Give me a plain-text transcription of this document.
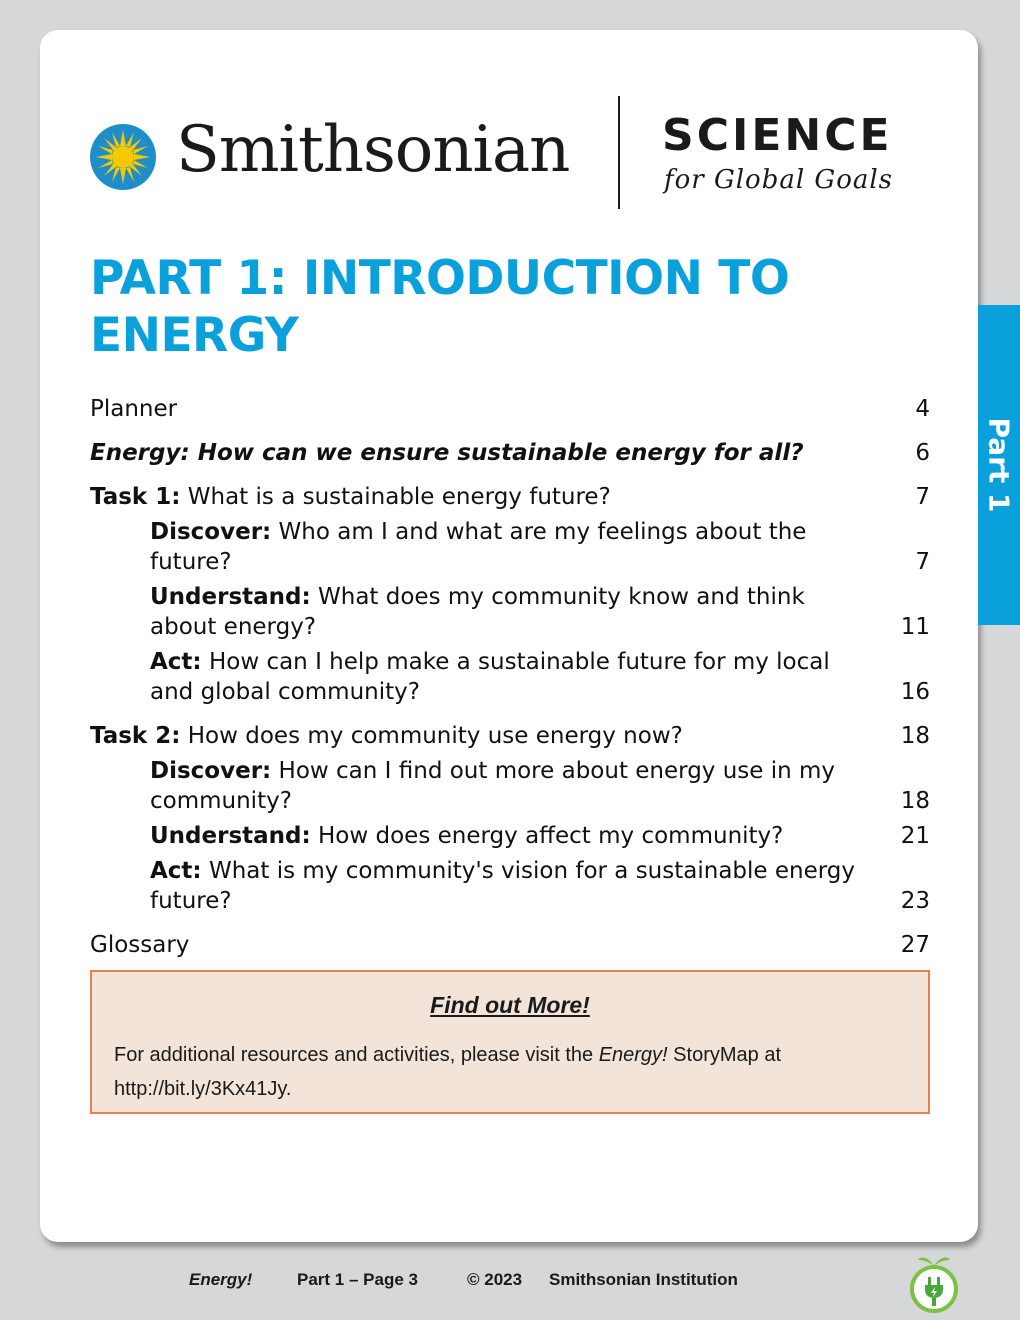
Smithsonian SCIENCE
for Global Goals
PART 1: INTRODUCTION TO ENERGY
Planner	4
Energy: How can we ensure sustainable energy for all?	6
Task 1: What is a sustainable energy future?	7
Discover: Who am I and what are my feelings about the future?	7
Understand: What does my community know and think about energy?	11
Act: How can I help make a sustainable future for my local and global community?	16
Task 2: How does my community use energy now?	18
Discover: How can I find out more about energy use in my community?	18
Understand: How does energy affect my community?	21
Act: What is my community's vision for a sustainable energy future?	23
Glossary	27
Part 1
Find out More!
For additional resources and activities, please visit the Energy! StoryMap at http://bit.ly/3Kx41Jy.
Energy!	Part 1 – Page 3	© 2023 Smithsonian Institution
